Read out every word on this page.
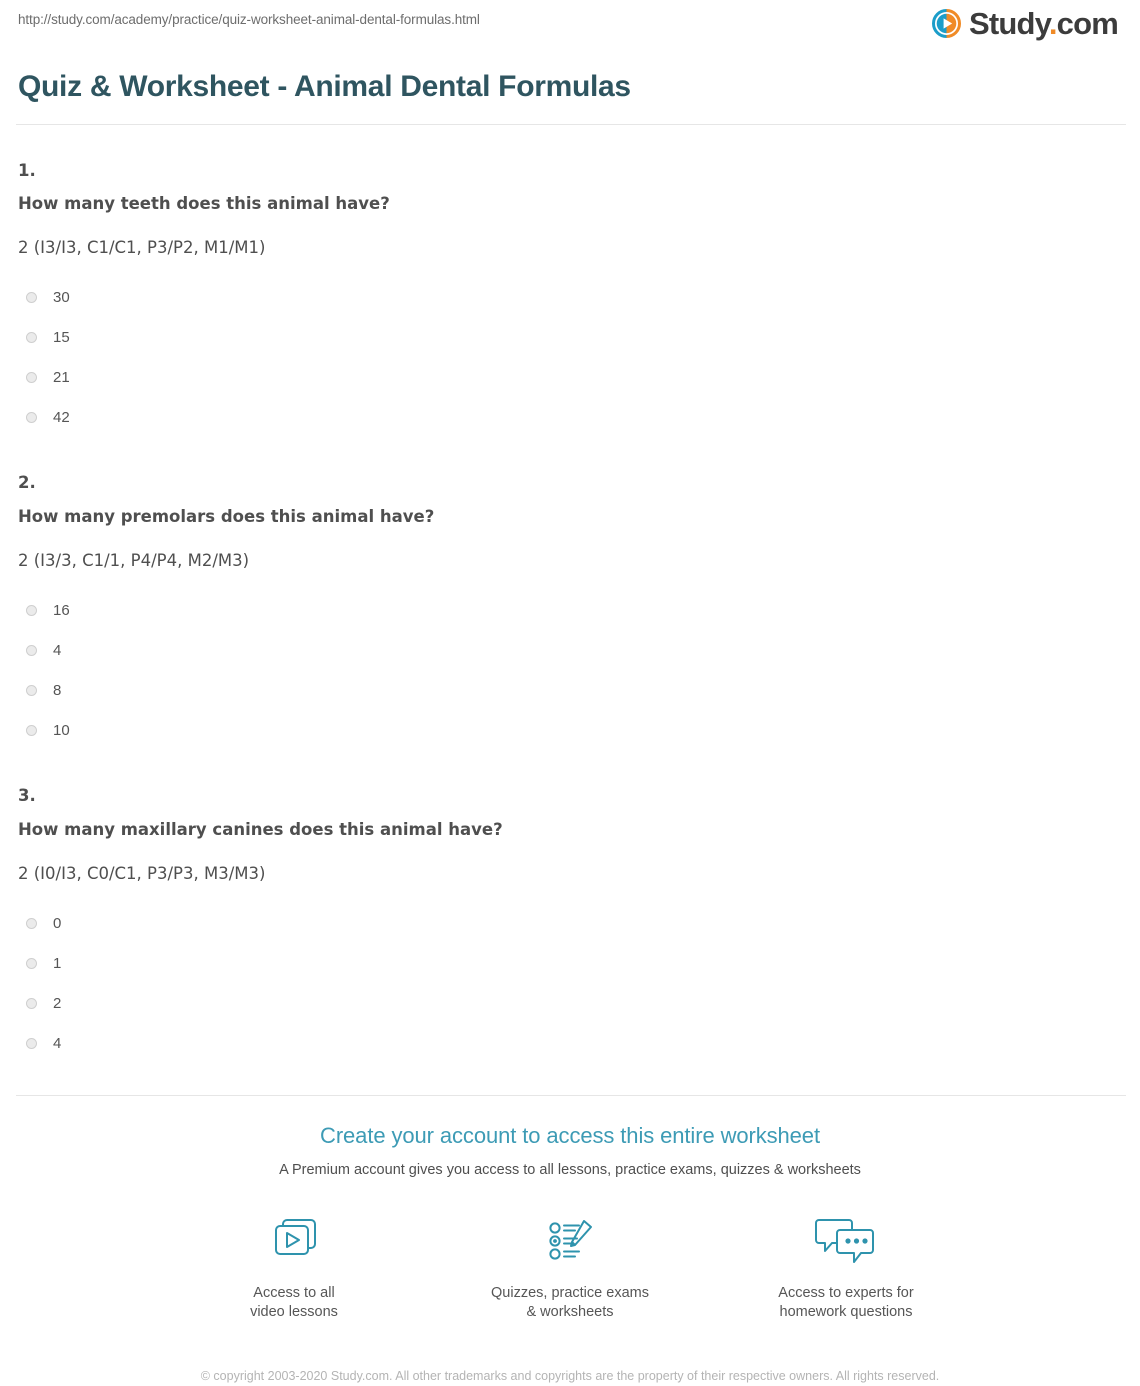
http://study.com/academy/practice/quiz-worksheet-animal-dental-formulas.html	Study.com
Quiz & Worksheet - Animal Dental Formulas
1.
How many teeth does this animal have?
2 (I3/I3, C1/C1, P3/P2, M1/M1)
30
15
21
42
2.
How many premolars does this animal have?
2 (I3/3, C1/1, P4/P4, M2/M3)
16
4
8
10
3.
How many maxillary canines does this animal have?
2 (I0/I3, C0/C1, P3/P3, M3/M3)
0
1
2
4
Create your account to access this entire worksheet
A Premium account gives you access to all lessons, practice exams, quizzes & worksheets
Access to all
video lessons
Quizzes, practice exams
& worksheets
Access to experts for
homework questions
© copyright 2003-2020 Study.com. All other trademarks and copyrights are the property of their respective owners. All rights reserved.
